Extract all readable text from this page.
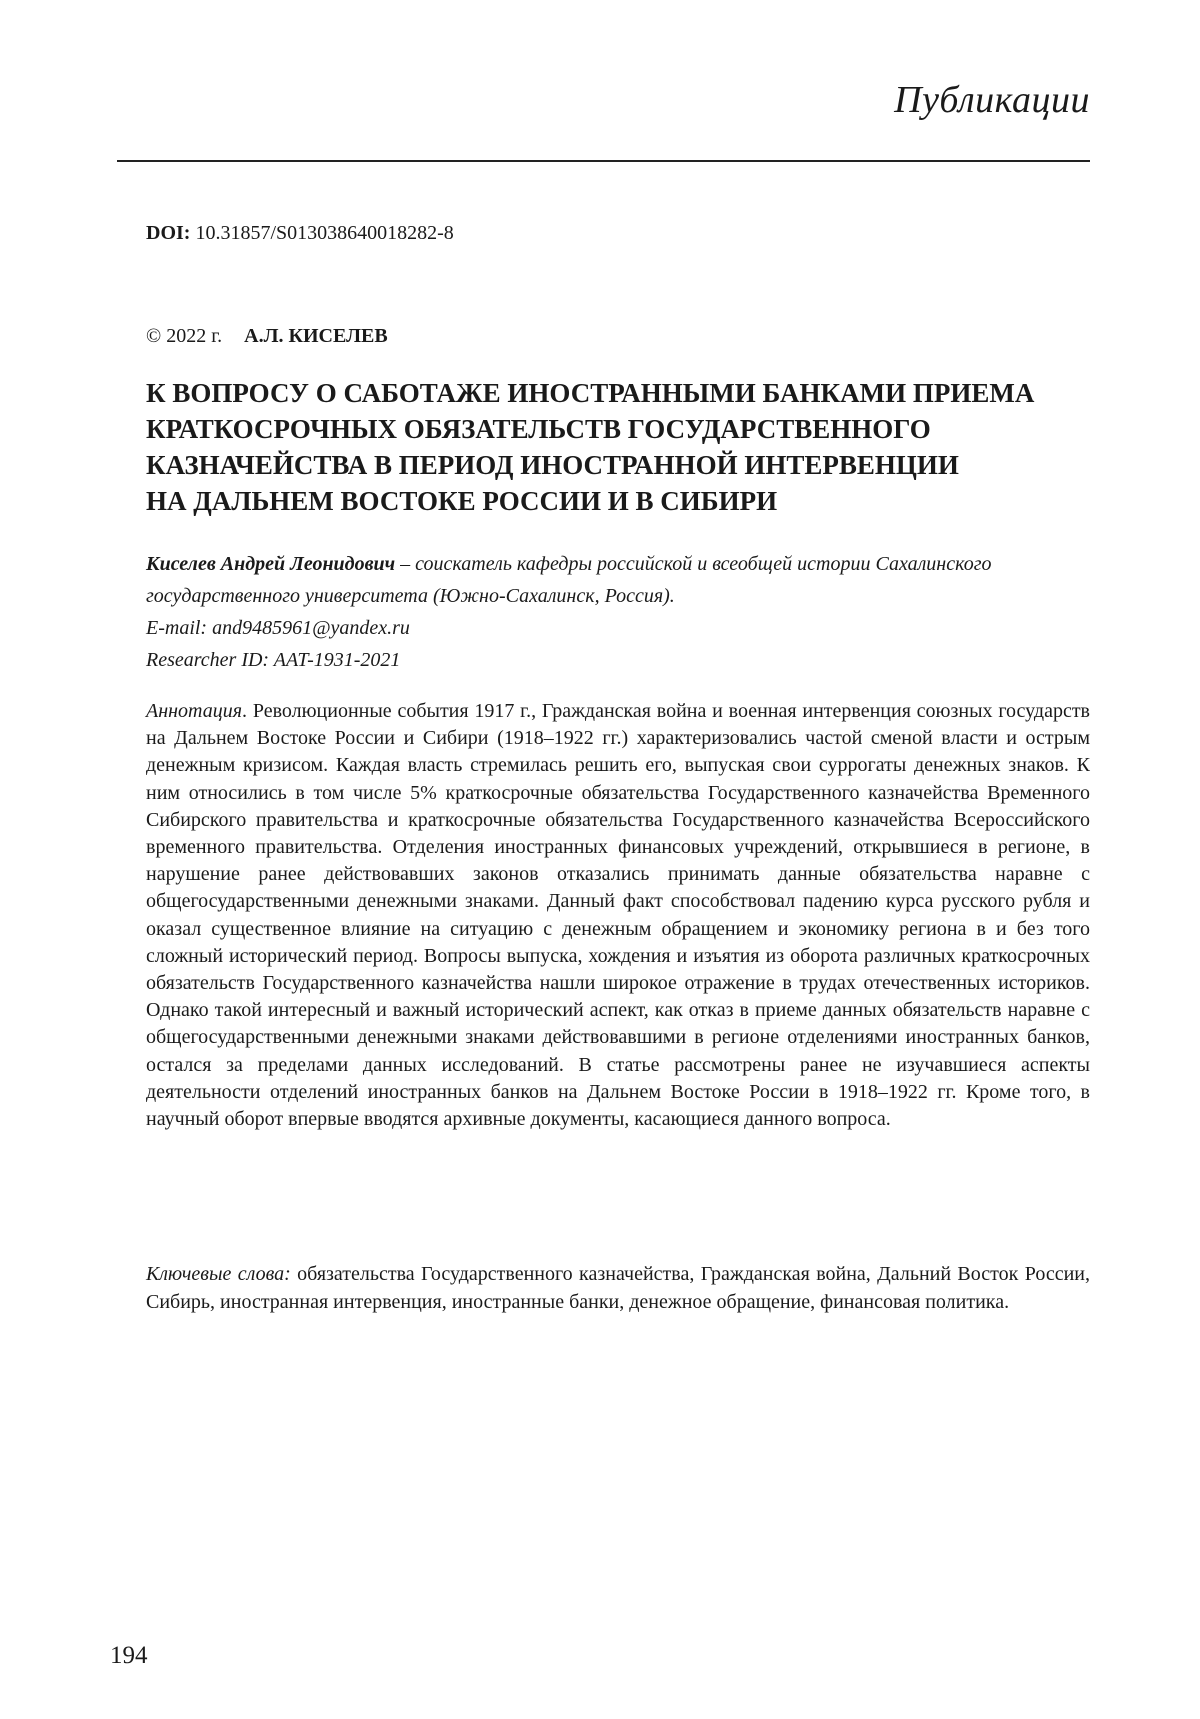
Публикации
DOI: 10.31857/S013038640018282-8
© 2022 г. А.Л. КИСЕЛЕВ
К ВОПРОСУ О САБОТАЖЕ ИНОСТРАННЫМИ БАНКАМИ ПРИЕМА
КРАТКОСРОЧНЫХ ОБЯЗАТЕЛЬСТВ ГОСУДАРСТВЕННОГО
КАЗНАЧЕЙСТВА В ПЕРИОД ИНОСТРАННОЙ ИНТЕРВЕНЦИИ
НА ДАЛЬНЕМ ВОСТОКЕ РОССИИ И В СИБИРИ
Киселев Андрей Леонидович – соискатель кафедры российской и всеобщей истории Сахалинского государственного университета (Южно-Сахалинск, Россия).
E-mail: and9485961@yandex.ru
Researcher ID: AAT-1931-2021

Аннотация. Революционные события 1917 г., Гражданская война и военная интервенция союзных государств на Дальнем Востоке России и Сибири (1918–1922 гг.) характеризовались частой сменой власти и острым денежным кризисом. Каждая власть стремилась решить его, выпуская свои суррогаты денежных знаков. К ним относились в том числе 5% краткосрочные обязательства Государственного казначейства Временного Сибирского правительства и краткосрочные обязательства Государственного казначейства Всероссийского временного правительства. Отделения иностранных финансовых учреждений, открывшиеся в регионе, в нарушение ранее действовавших законов отказались принимать данные обязательства наравне с общегосударственными денежными знаками. Данный факт способствовал падению курса русского рубля и оказал существенное влияние на ситуацию с денежным обращением и экономику региона в и без того сложный исторический период. Вопросы выпуска, хождения и изъятия из оборота различных краткосрочных обязательств Государственного казначейства нашли широкое отражение в трудах отечественных историков. Однако такой интересный и важный исторический аспект, как отказ в приеме данных обязательств наравне с общегосударственными денежными знаками действовавшими в регионе отделениями иностранных банков, остался за пределами данных исследований. В статье рассмотрены ранее не изучавшиеся аспекты деятельности отделений иностранных банков на Дальнем Востоке России в 1918–1922 гг. Кроме того, в научный оборот впервые вводятся архивные документы, касающиеся данного вопроса.

Ключевые слова: обязательства Государственного казначейства, Гражданская война, Дальний Восток России, Сибирь, иностранная интервенция, иностранные банки, денежное обращение, финансовая политика.

194
